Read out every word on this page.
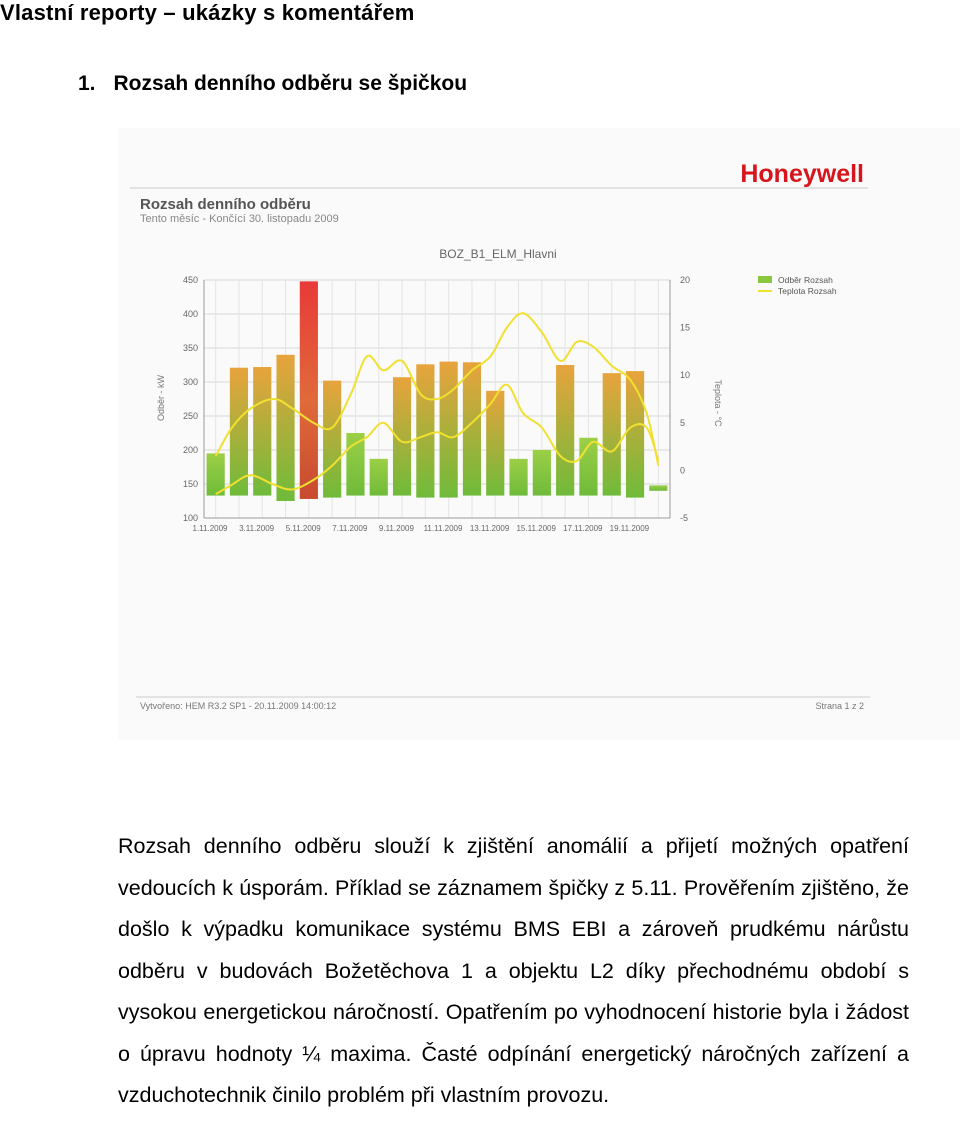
Vlastní reporty – ukázky s komentářem
1. Rozsah denního odběru se špičkou
Honeywell
Rozsah denního odběru
Tento měsíc - Končící 30. listopadu 2009
BOZ_B1_ELM_Hlavni
450
400
350
300
250
200
150
100
20
15
10
5
0
-5
1.11.2009 3.11.2009 5.11.2009 7.11.2009 9.11.2009 11.11.2009 13.11.2009 15.11.2009 17.11.2009 19.11.2009
Odběr - kW	Teplota - °C
Odběr Rozsah
Teplota Rozsah
Vytvořeno: HEM R3.2 SP1 - 20.11.2009 14:00:12	Strana 1 z 2

Rozsah denního odběru slouží k zjištění anomálií a přijetí možných opatření vedoucích k úsporám. Příklad se záznamem špičky z 5.11. Prověřením zjištěno, že došlo k výpadku komunikace systému BMS EBI a zároveň prudkému nárůstu odběru v budovách Božetěchova 1 a objektu L2 díky přechodnému období s vysokou energetickou náročností. Opatřením po vyhodnocení historie byla i žádost o úpravu hodnoty ¼ maxima. Časté odpínání energetický náročných zařízení a vzduchotechnik činilo problém při vlastním provozu.
